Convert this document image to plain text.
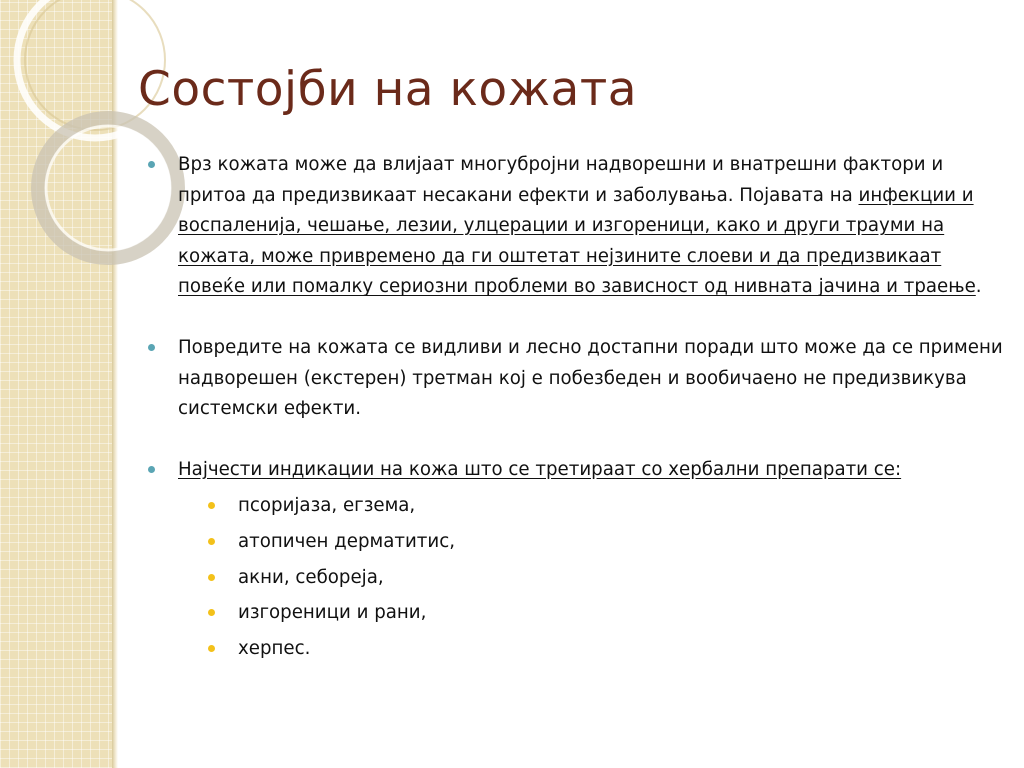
Состојби на кожата

Врз кожата може да влијаат многубројни надворешни и внатрешни фактори и притоа да предизвикаат несакани ефекти и заболувања. Појавата на инфекции и воспаленија, чешање, лезии, улцерации и изгореници, како и други трауми на кожата, може привремено да ги оштетат нејзините слоеви и да предизвикаат повеќе или помалку сериозни проблеми во зависност од нивната јачина и траење.

Повредите на кожата се видливи и лесно достапни поради што може да се примени надворешен (екстерен) третман кој е побезбеден и вообичаено не предизвикува системски ефекти.

Најчести индикации на кожа што се третираат со хербални препарати се:
псоријаза, егзема,
атопичен дерматитис,
акни, себореја,
изгореници и рани,
херпес.
